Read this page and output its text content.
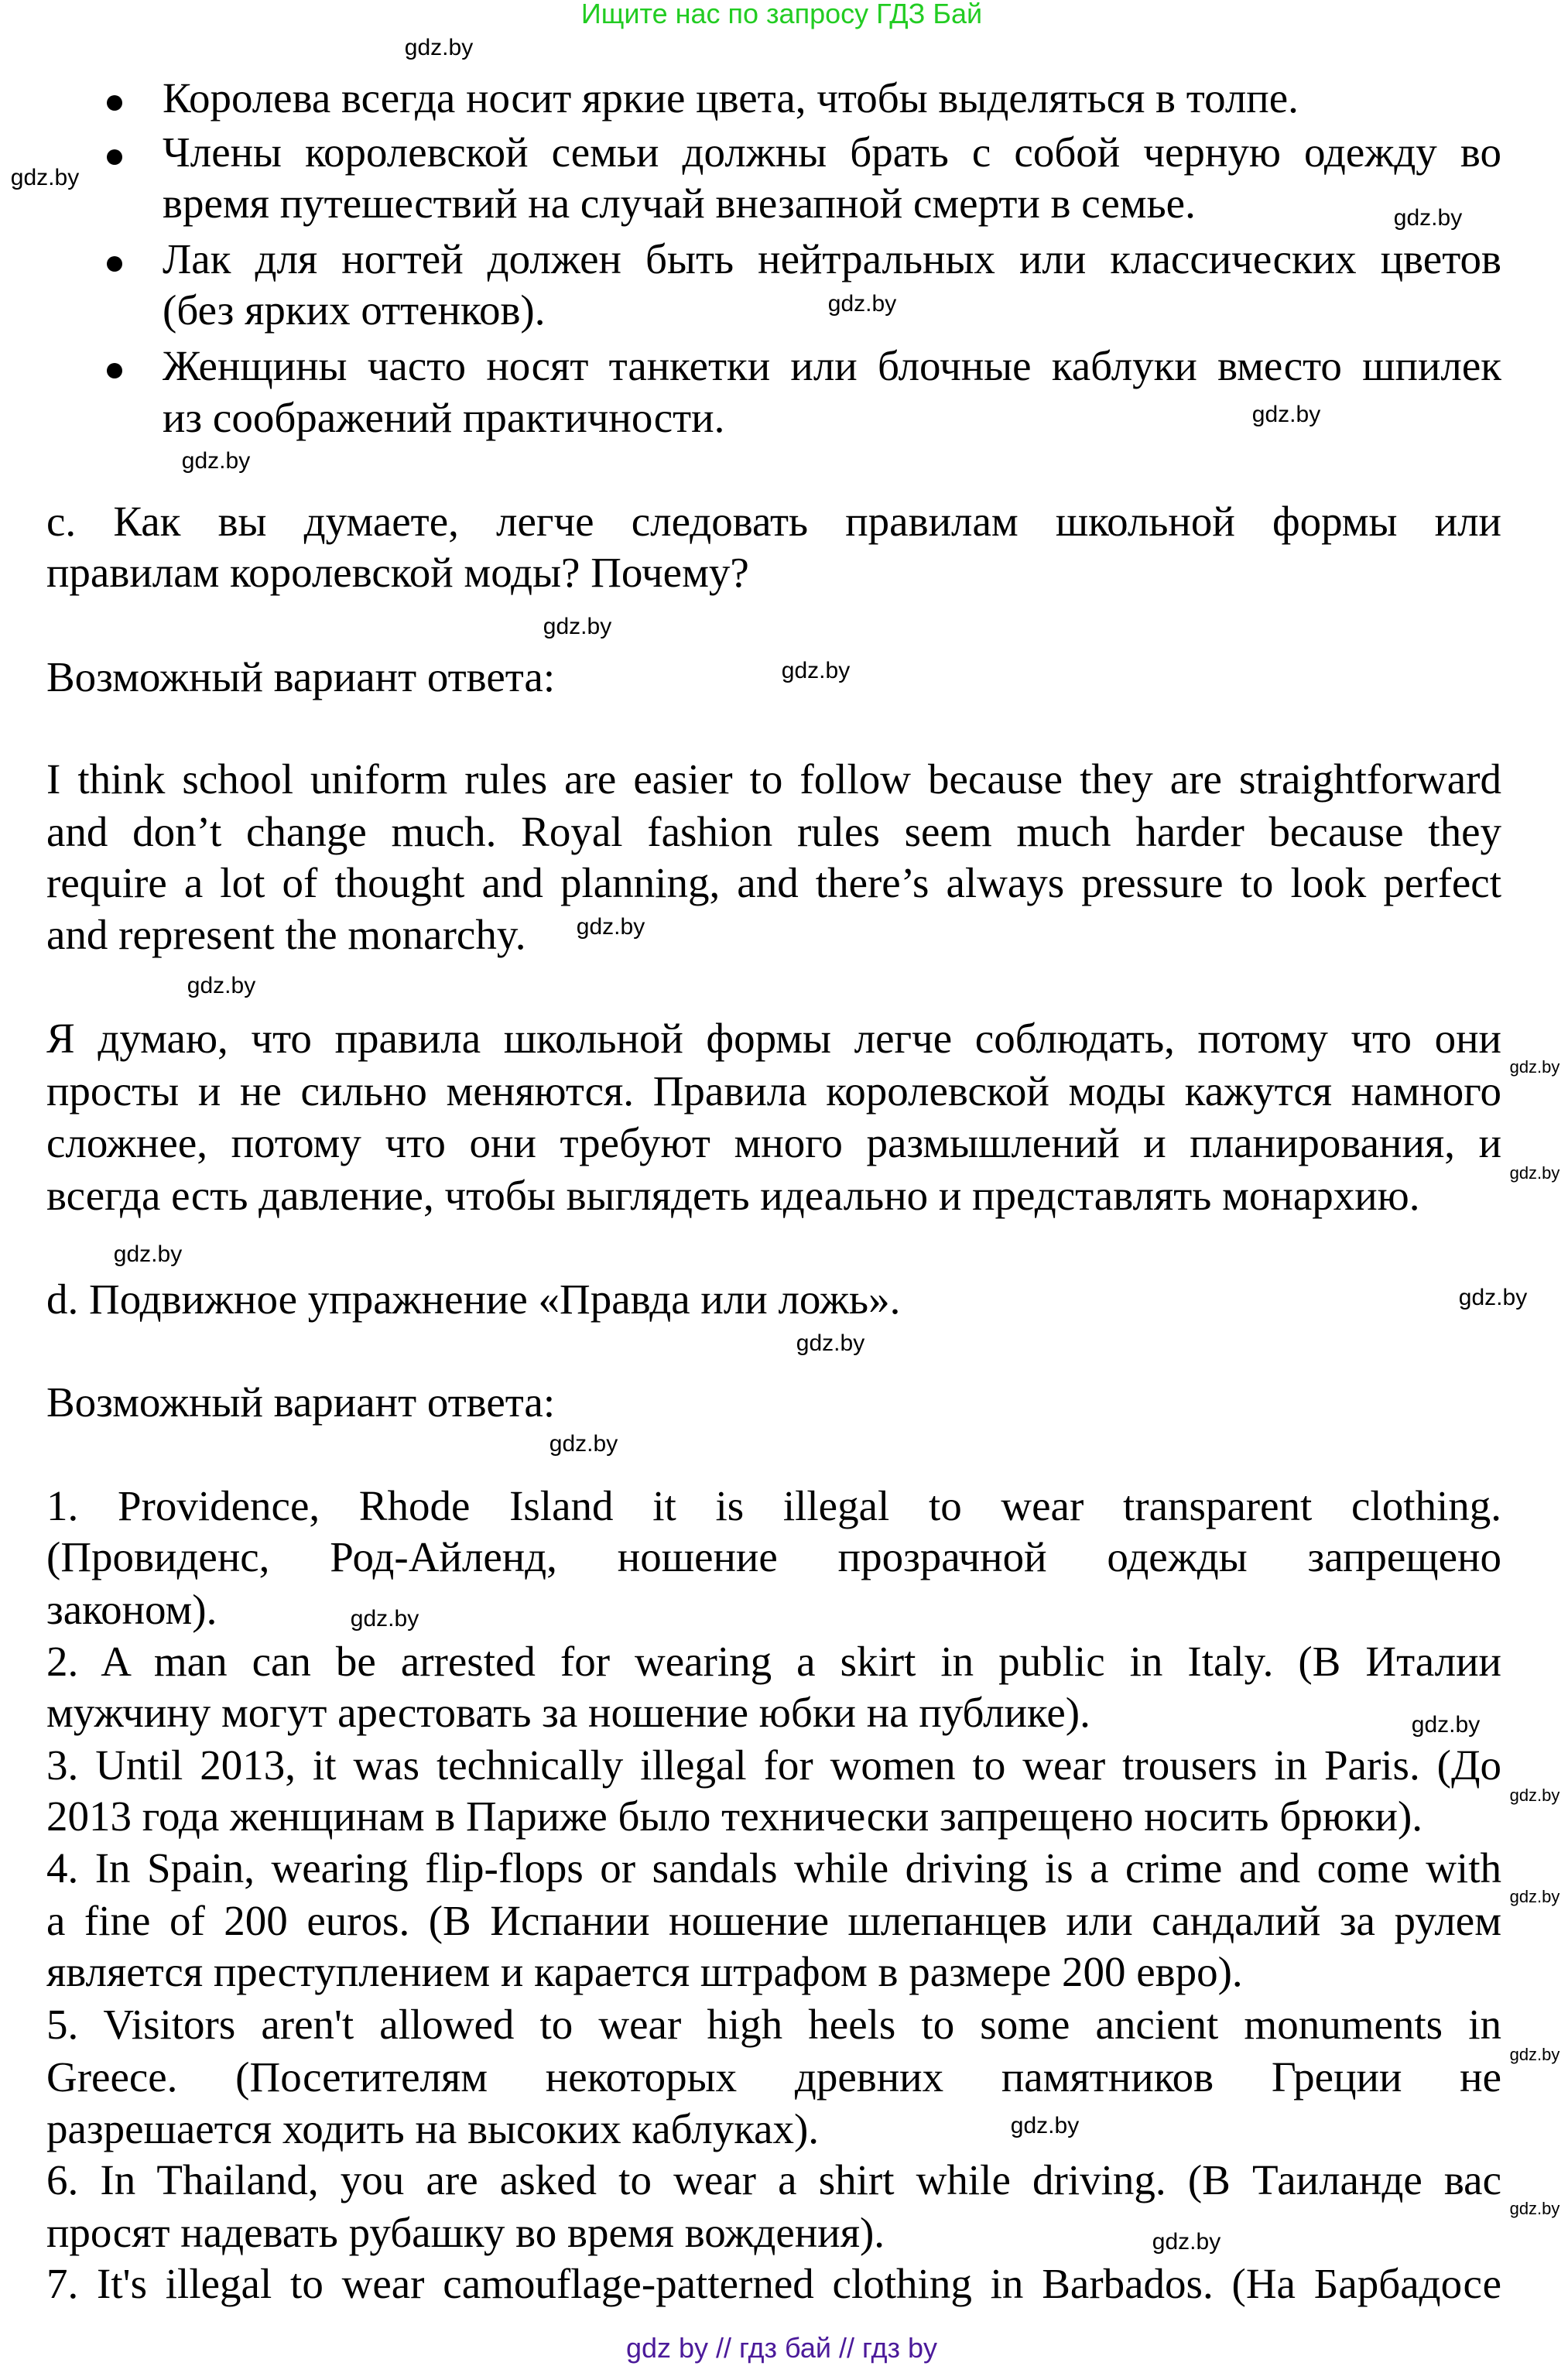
Ищите нас по запросу ГДЗ Бай
Королева всегда носит яркие цвета, чтобы выделяться в толпе.
Члены королевской семьи должны брать с собой черную одежду во
время путешествий на случай внезапной смерти в семье.
Лак для ногтей должен быть нейтральных или классических цветов
(без ярких оттенков).
Женщины часто носят танкетки или блочные каблуки вместо шпилек
из соображений практичности.
c. Как вы думаете, легче следовать правилам школьной формы или
правилам королевской моды? Почему?
Возможный вариант ответа:
I think school uniform rules are easier to follow because they are straightforward
and don’t change much. Royal fashion rules seem much harder because they
require a lot of thought and planning, and there’s always pressure to look perfect
and represent the monarchy.
Я думаю, что правила школьной формы легче соблюдать, потому что они
просты и не сильно меняются. Правила королевской моды кажутся намного
сложнее, потому что они требуют много размышлений и планирования, и
всегда есть давление, чтобы выглядеть идеально и представлять монархию.
d. Подвижное упражнение «Правда или ложь».
Возможный вариант ответа:
1. Providence, Rhode Island it is illegal to wear transparent clothing.
(Провиденс, Род-Айленд, ношение прозрачной одежды запрещено
законом).
2. A man can be arrested for wearing a skirt in public in Italy. (В Италии
мужчину могут арестовать за ношение юбки на публике).
3. Until 2013, it was technically illegal for women to wear trousers in Paris. (До
2013 года женщинам в Париже было технически запрещено носить брюки).
4. In Spain, wearing flip-flops or sandals while driving is a crime and come with
a fine of 200 euros. (В Испании ношение шлепанцев или сандалий за рулем
является преступлением и карается штрафом в размере 200 евро).
5. Visitors aren't allowed to wear high heels to some ancient monuments in
Greece. (Посетителям некоторых древних памятников Греции не
разрешается ходить на высоких каблуках).
6. In Thailand, you are asked to wear a shirt while driving. (В Таиланде вас
просят надевать рубашку во время вождения).
7. It's illegal to wear camouflage-patterned clothing in Barbados. (На Барбадосе
gdz.by
gdz.by
gdz.by
gdz.by
gdz.by
gdz.by
gdz.by
gdz.by
gdz.by
gdz.by
gdz.by
gdz.by
gdz.by
gdz.by
gdz.by
gdz.by
gdz.by
gdz.by
gdz.by
gdz.by
gdz.by
gdz.by
gdz.by
gdz.by
gdz by // гдз бай // гдз by
